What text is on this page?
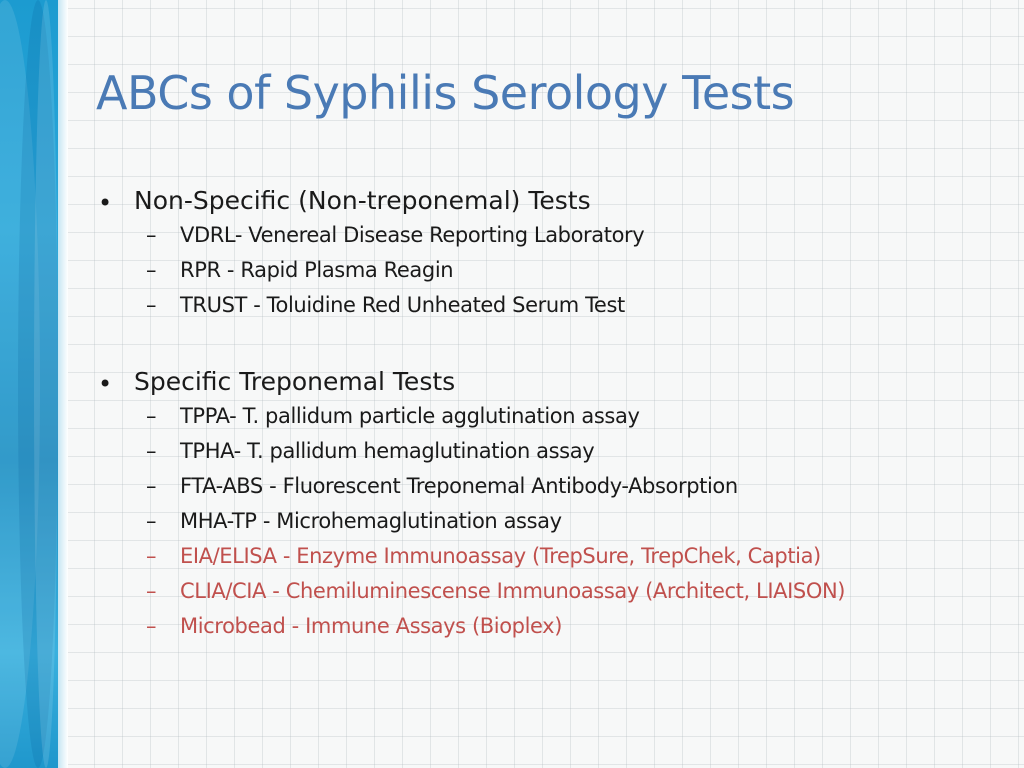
ABCs of Syphilis Serology Tests
• Non-Specific (Non-treponemal) Tests
– VDRL- Venereal Disease Reporting Laboratory
– RPR - Rapid Plasma Reagin
– TRUST - Toluidine Red Unheated Serum Test
• Specific Treponemal Tests
– TPPA- T. pallidum particle agglutination assay
– TPHA- T. pallidum hemaglutination assay
– FTA-ABS - Fluorescent Treponemal Antibody-Absorption
– MHA-TP - Microhemaglutination assay
– EIA/ELISA - Enzyme Immunoassay (TrepSure, TrepChek, Captia)
– CLIA/CIA - Chemiluminescense Immunoassay (Architect, LIAISON)
– Microbead - Immune Assays (Bioplex)
